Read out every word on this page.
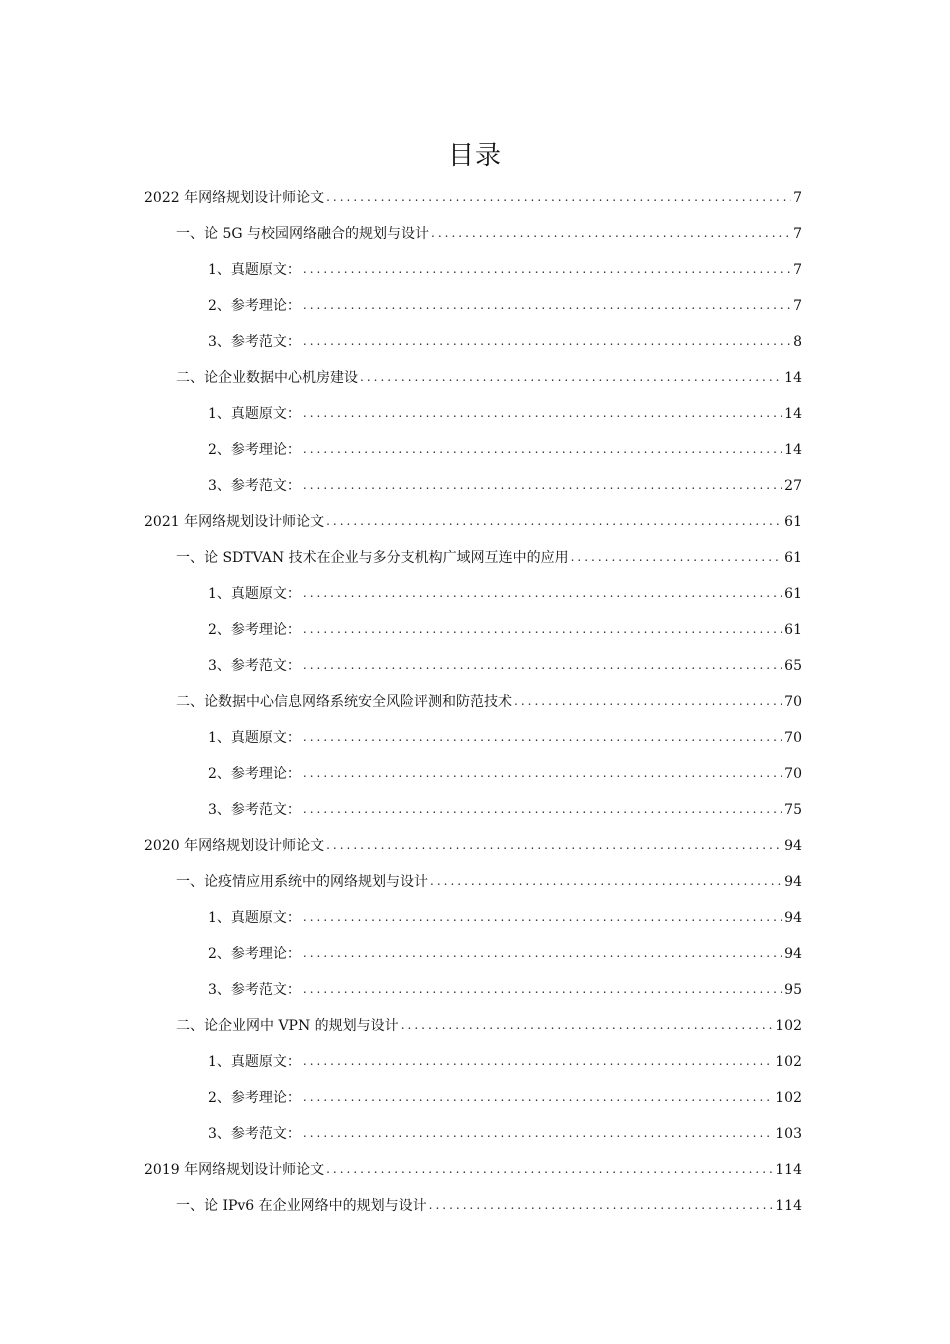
目录
2022 年网络规划设计师论文 .....	7
一、论 5G 与校园网络融合的规划与设计 .....	7
1、真题原文： .....	7
2、参考理论： .....	7
3、参考范文： .....	8
二、论企业数据中心机房建设 .....	14
1、真题原文： .....	14
2、参考理论： .....	14
3、参考范文： .....	27
2021 年网络规划设计师论文 .....	61
一、论 SDTVAN 技术在企业与多分支机构广域网互连中的应用 .....	61
1、真题原文： .....	61
2、参考理论： .....	61
3、参考范文： .....	65
二、论数据中心信息网络系统安全风险评测和防范技术 .....	70
1、真题原文： .....	70
2、参考理论： .....	70
3、参考范文： .....	75
2020 年网络规划设计师论文 .....	94
一、论疫情应用系统中的网络规划与设计 .....	94
1、真题原文： .....	94
2、参考理论： .....	94
3、参考范文： .....	95
二、论企业网中 VPN 的规划与设计 .....	102
1、真题原文： .....	102
2、参考理论： .....	102
3、参考范文： .....	103
2019 年网络规划设计师论文 .....	114
一、论 IPv6 在企业网络中的规划与设计 .....	114
